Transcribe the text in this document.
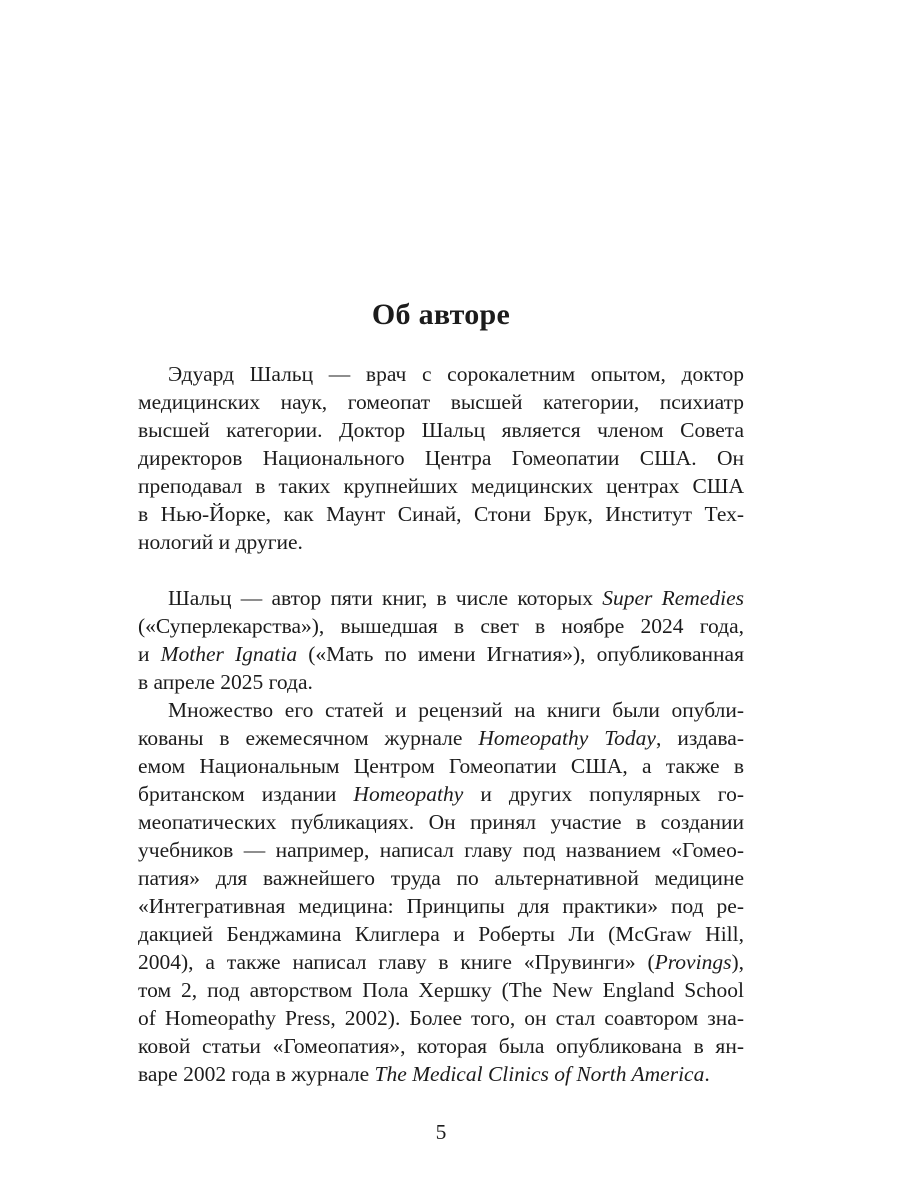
Об авторе
Эдуард Шальц — врач с сорокалетним опытом, доктор
медицинских наук, гомеопат высшей категории, психиатр
высшей категории. Доктор Шальц является членом Совета
директоров Национального Центра Гомеопатии США. Он
преподавал в таких крупнейших медицинских центрах США
в Нью-Йорке, как Маунт Синай, Стони Брук, Институт Тех-
нологий и другие.
Шальц — автор пяти книг, в числе которых Super Remedies
(«Суперлекарства»), вышедшая в свет в ноябре 2024 года,
и Mother Ignatia («Мать по имени Игнатия»), опубликованная
в апреле 2025 года.
Множество его статей и рецензий на книги были опубли-
кованы в ежемесячном журнале Homeopathy Today, издава-
емом Национальным Центром Гомеопатии США, а также в
британском издании Homeopathy и других популярных го-
меопатических публикациях. Он принял участие в создании
учебников — например, написал главу под названием «Гомео-
патия» для важнейшего труда по альтернативной медицине
«Интегративная медицина: Принципы для практики» под ре-
дакцией Бенджамина Клиглера и Роберты Ли (McGraw Hill,
2004), а также написал главу в книге «Прувинги» (Provings),
том 2, под авторством Пола Хершку (The New England School
of Homeopathy Press, 2002). Более того, он стал соавтором зна-
ковой статьи «Гомеопатия», которая была опубликована в ян-
варе 2002 года в журнале The Medical Clinics of North America.
5
